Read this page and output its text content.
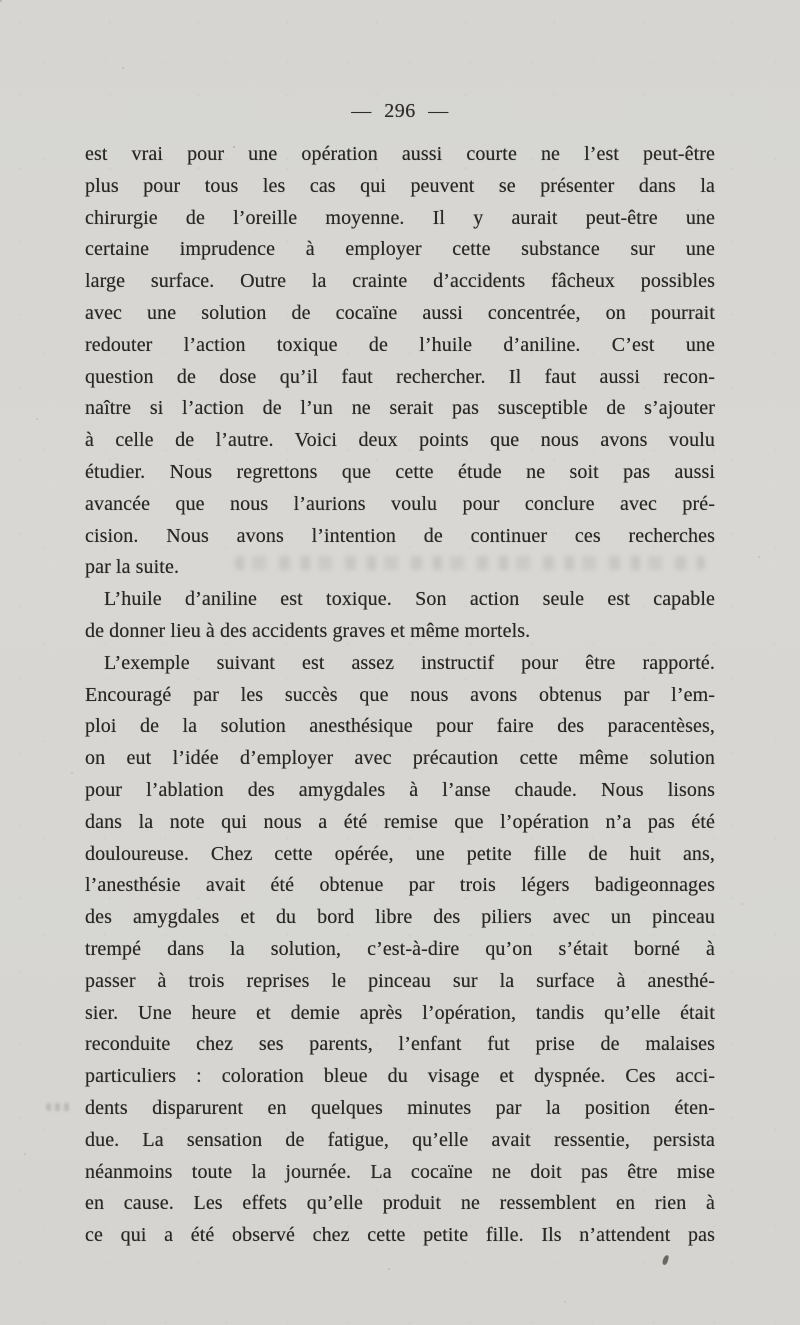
— 296 —
est vrai pour une opération aussi courte ne l’est peut-être
plus pour tous les cas qui peuvent se présenter dans la
chirurgie de l’oreille moyenne. Il y aurait peut-être une
certaine imprudence à employer cette substance sur une
large surface. Outre la crainte d’accidents fâcheux possibles
avec une solution de cocaïne aussi concentrée, on pourrait
redouter l’action toxique de l’huile d’aniline. C’est une
question de dose qu’il faut rechercher. Il faut aussi recon-
naître si l’action de l’un ne serait pas susceptible de s’ajouter
à celle de l’autre. Voici deux points que nous avons voulu
étudier. Nous regrettons que cette étude ne soit pas aussi
avancée que nous l’aurions voulu pour conclure avec pré-
cision. Nous avons l’intention de continuer ces recherches
par la suite.
L’huile d’aniline est toxique. Son action seule est capable
de donner lieu à des accidents graves et même mortels.
L’exemple suivant est assez instructif pour être rapporté.
Encouragé par les succès que nous avons obtenus par l’em-
ploi de la solution anesthésique pour faire des paracentèses,
on eut l’idée d’employer avec précaution cette même solution
pour l’ablation des amygdales à l’anse chaude. Nous lisons
dans la note qui nous a été remise que l’opération n’a pas été
douloureuse. Chez cette opérée, une petite fille de huit ans,
l’anesthésie avait été obtenue par trois légers badigeonnages
des amygdales et du bord libre des piliers avec un pinceau
trempé dans la solution, c’est-à-dire qu’on s’était borné à
passer à trois reprises le pinceau sur la surface à anesthé-
sier. Une heure et demie après l’opération, tandis qu’elle était
reconduite chez ses parents, l’enfant fut prise de malaises
particuliers : coloration bleue du visage et dyspnée. Ces acci-
dents disparurent en quelques minutes par la position éten-
due. La sensation de fatigue, qu’elle avait ressentie, persista
néanmoins toute la journée. La cocaïne ne doit pas être mise
en cause. Les effets qu’elle produit ne ressemblent en rien à
ce qui a été observé chez cette petite fille. Ils n’attendent pas
